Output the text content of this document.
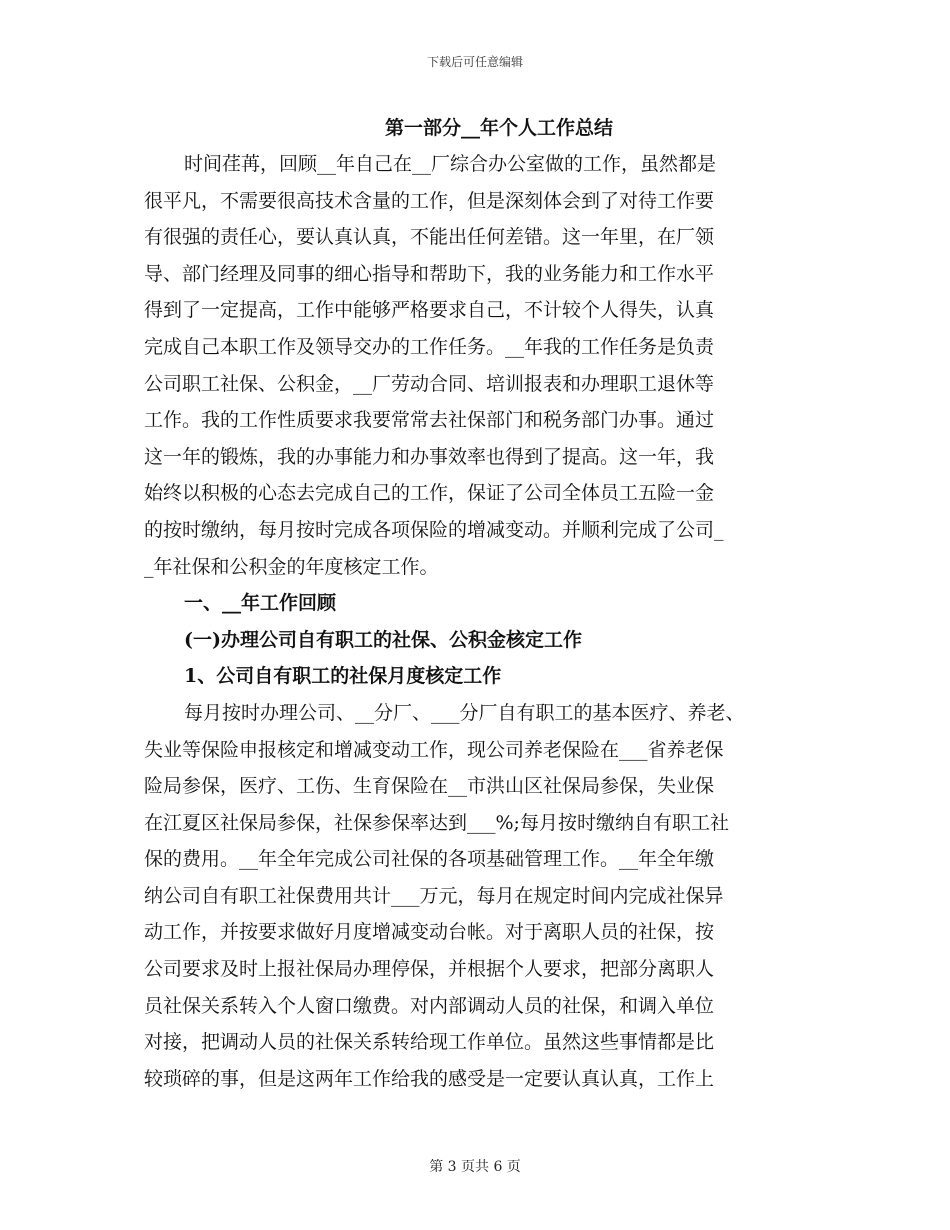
下载后可任意编辑
第一部分__年个人工作总结
时间荏苒，回顾__年自己在__厂综合办公室做的工作，虽然都是
很平凡，不需要很高技术含量的工作，但是深刻体会到了对待工作要
有很强的责任心，要认真认真，不能出任何差错。这一年里，在厂领
导、部门经理及同事的细心指导和帮助下，我的业务能力和工作水平
得到了一定提高，工作中能够严格要求自己，不计较个人得失，认真
完成自己本职工作及领导交办的工作任务。__年我的工作任务是负责
公司职工社保、公积金，__厂劳动合同、培训报表和办理职工退休等
工作。我的工作性质要求我要常常去社保部门和税务部门办事。通过
这一年的锻炼，我的办事能力和办事效率也得到了提高。这一年，我
始终以积极的心态去完成自己的工作，保证了公司全体员工五险一金
的按时缴纳，每月按时完成各项保险的增减变动。并顺利完成了公司_
_年社保和公积金的年度核定工作。
一、__年工作回顾
(一)办理公司自有职工的社保、公积金核定工作
1、公司自有职工的社保月度核定工作
每月按时办理公司、__分厂、___分厂自有职工的基本医疗、养老、
失业等保险申报核定和增减变动工作，现公司养老保险在___省养老保
险局参保，医疗、工伤、生育保险在__市洪山区社保局参保，失业保
在江夏区社保局参保，社保参保率达到___%;每月按时缴纳自有职工社
保的费用。__年全年完成公司社保的各项基础管理工作。__年全年缴
纳公司自有职工社保费用共计___万元，每月在规定时间内完成社保异
动工作，并按要求做好月度增减变动台帐。对于离职人员的社保，按
公司要求及时上报社保局办理停保，并根据个人要求，把部分离职人
员社保关系转入个人窗口缴费。对内部调动人员的社保，和调入单位
对接，把调动人员的社保关系转给现工作单位。虽然这些事情都是比
较琐碎的事，但是这两年工作给我的感受是一定要认真认真，工作上
第 3 页共 6 页
